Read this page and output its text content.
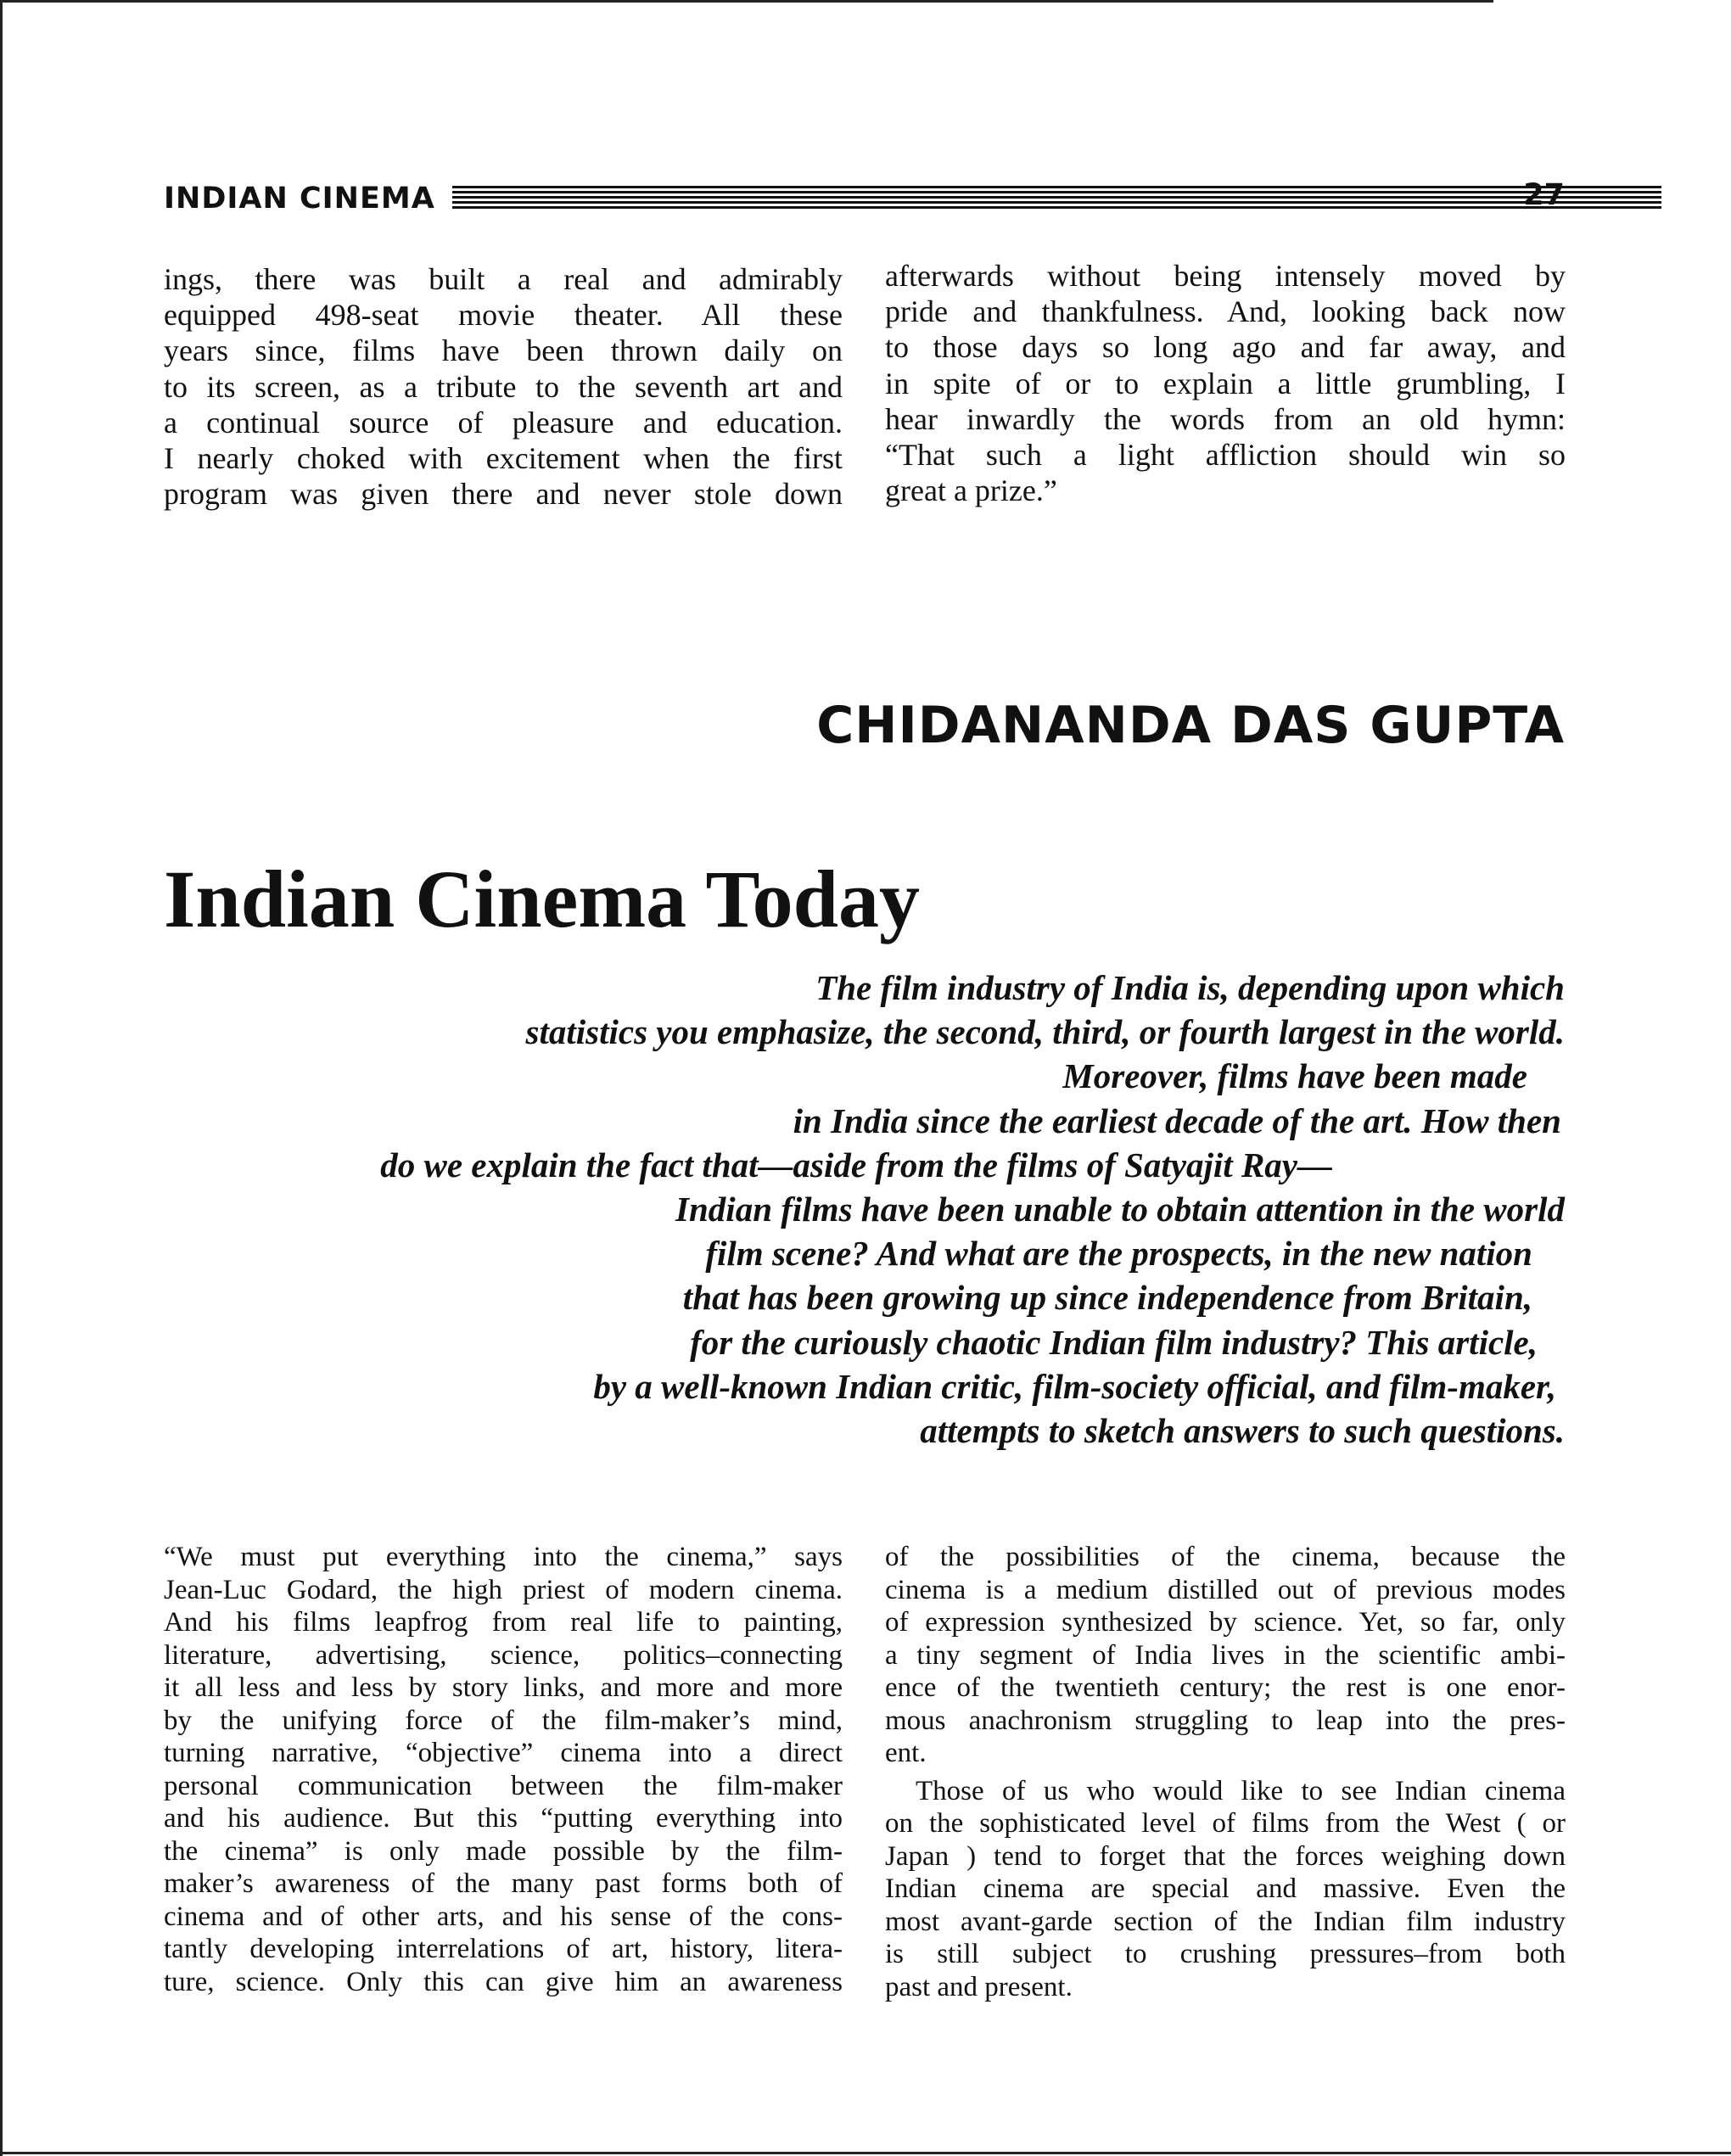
INDIAN CINEMA	27
ings, there was built a real and admirably
equipped 498-seat movie theater. All these
years since, films have been thrown daily on
to its screen, as a tribute to the seventh art and
a continual source of pleasure and education.
I nearly choked with excitement when the first
program was given there and never stole down
afterwards without being intensely moved by
pride and thankfulness. And, looking back now
to those days so long ago and far away, and
in spite of or to explain a little grumbling, I
hear inwardly the words from an old hymn:
“That such a light affliction should win so
great a prize.”
CHIDANANDA DAS GUPTA
Indian Cinema Today
The film industry of India is, depending upon which
statistics you emphasize, the second, third, or fourth largest in the world.
Moreover, films have been made
in India since the earliest decade of the art. How then
do we explain the fact that—aside from the films of Satyajit Ray—
Indian films have been unable to obtain attention in the world
film scene? And what are the prospects, in the new nation
that has been growing up since independence from Britain,
for the curiously chaotic Indian film industry? This article,
by a well-known Indian critic, film-society official, and film-maker,
attempts to sketch answers to such questions.
“We must put everything into the cinema,” says
Jean-Luc Godard, the high priest of modern cinema.
And his films leapfrog from real life to painting,
literature, advertising, science, politics–connecting
it all less and less by story links, and more and more
by the unifying force of the film-maker’s mind,
turning narrative, “objective” cinema into a direct
personal communication between the film-maker
and his audience. But this “putting everything into
the cinema” is only made possible by the film-
maker’s awareness of the many past forms both of
cinema and of other arts, and his sense of the cons-
tantly developing interrelations of art, history, litera-
ture, science. Only this can give him an awareness
of the possibilities of the cinema, because the
cinema is a medium distilled out of previous modes
of expression synthesized by science. Yet, so far, only
a tiny segment of India lives in the scientific ambi-
ence of the twentieth century; the rest is one enor-
mous anachronism struggling to leap into the pres-
ent.
Those of us who would like to see Indian cinema
on the sophisticated level of films from the West ( or
Japan ) tend to forget that the forces weighing down
Indian cinema are special and massive. Even the
most avant-garde section of the Indian film industry
is still subject to crushing pressures–from both
past and present.
